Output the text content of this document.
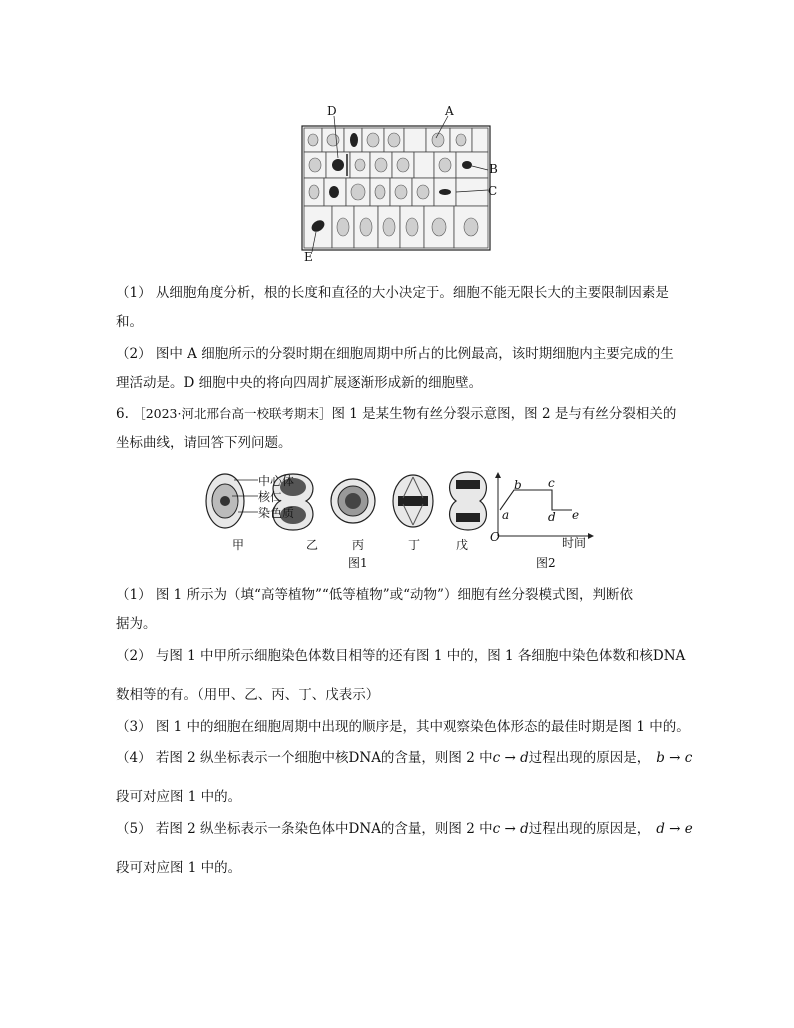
D	A
B
C
E
（1） 从细胞角度分析，根的长度和直径的大小决定于。细胞不能无限长大的主要限制因素是
和。
（2） 图中 A 细胞所示的分裂时期在细胞周期中所占的比例最高，该时期细胞内主要完成的生
理活动是。D 细胞中央的将向四周扩展逐渐形成新的细胞壁。
6. ［2023·河北邢台高一校联考期末］图 1 是某生物有丝分裂示意图，图 2 是与有丝分裂相关的
坐标曲线，请回答下列问题。
中心体
核仁
染色质
甲	乙	丙	丁	戊
图1
O
a
b c
d e
时间
图2
（1） 图 1 所示为（填“高等植物”“低等植物”或“动物”）细胞有丝分裂模式图，判断依
据为。
（2） 与图 1 中甲所示细胞染色体数目相等的还有图 1 中的，图 1 各细胞中染色体数和核DNA
数相等的有。（用甲、乙、丙、丁、戊表示）
（3） 图 1 中的细胞在细胞周期中出现的顺序是，其中观察染色体形态的最佳时期是图 1 中的。
（4） 若图 2 纵坐标表示一个细胞中核DNA的含量，则图 2 中c → d过程出现的原因是， b → c
段可对应图 1 中的。
（5） 若图 2 纵坐标表示一条染色体中DNA的含量，则图 2 中c → d过程出现的原因是， d → e
段可对应图 1 中的。
